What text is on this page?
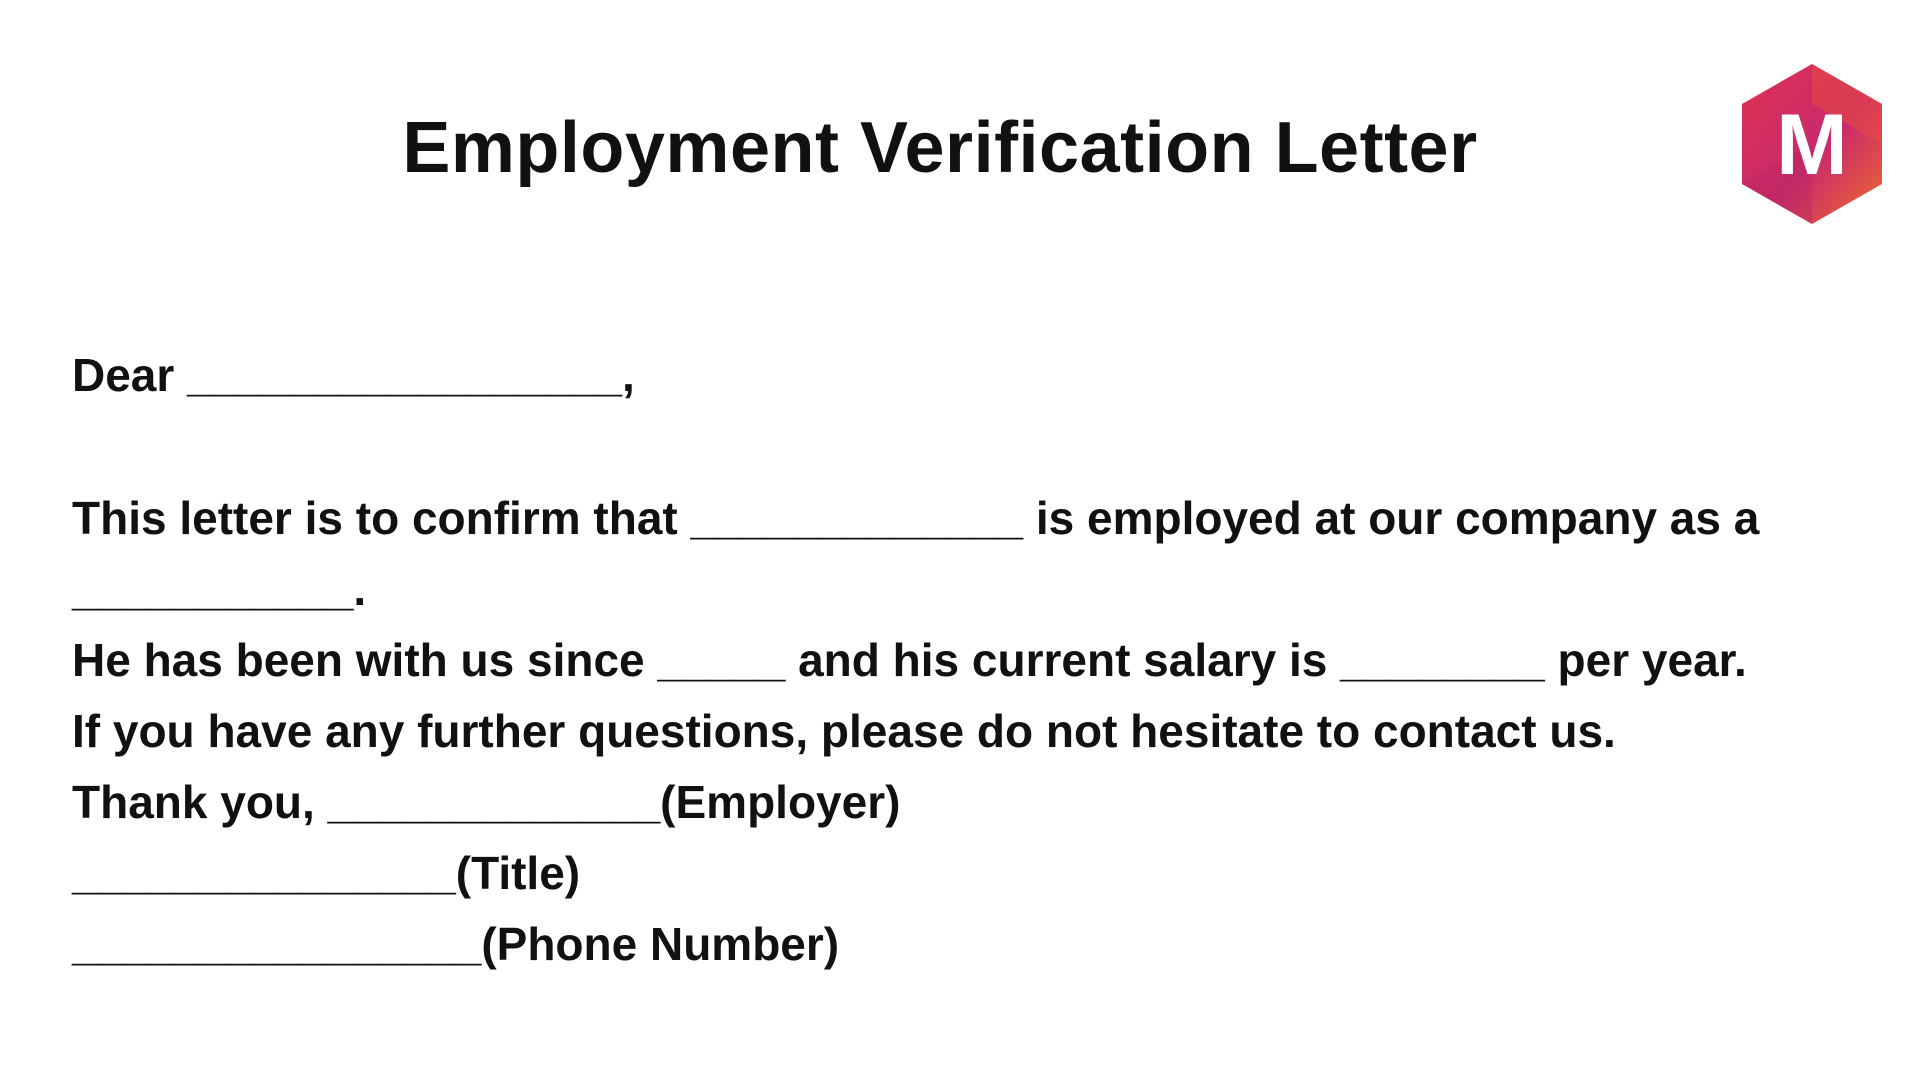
Employment Verification Letter	M
Dear _________________,
This letter is to confirm that _____________ is employed at our company as a
___________.
He has been with us since _____ and his current salary is ________ per year.
If you have any further questions, please do not hesitate to contact us.
Thank you, _____________(Employer)
_______________(Title)
________________(Phone Number)
